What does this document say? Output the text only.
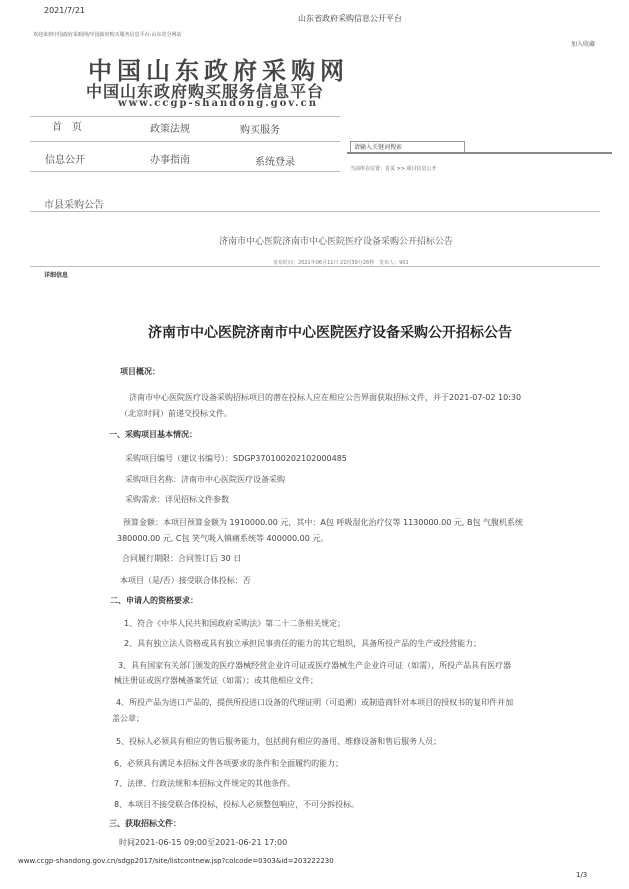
2021/7/21
山东省政府采购信息公开平台
欢迎来到中国政府采购网/中国政府购买服务信息平台-山东省分网站
加入收藏
中国山东政府采购网
中国山东政府购买服务信息平台
www.ccgp-shandong.gov.cn
首　页	政策法规	购买服务
信息公开	办事指南	系统登录
请输入关键词搜索
当前所在位置：首页 >> 项目信息公开
市县采购公告
济南市中心医院济南市中心医院医疗设备采购公开招标公告
发布时间：2021年06月11日 21时39分26秒　发布人：901
详细信息
济南市中心医院济南市中心医院医疗设备采购公开招标公告
项目概况：
济南市中心医院医疗设备采购招标项目的潜在投标人应在相应公告界面获取招标文件，并于2021-07-02 10:30
（北京时间）前递交投标文件。
一、采购项目基本情况：
采购项目编号（建议书编号）：SDGP370100202102000485
采购项目名称：济南市中心医院医疗设备采购
采购需求：详见招标文件参数
预算金额：本项目预算金额为 1910000.00 元，其中：A包 呼吸湿化治疗仪等 1130000.00 元, B包 气腹机系统
380000.00 元, C包 笑气吸入镇痛系统等 400000.00 元。
合同履行期限：合同签订后 30 日
本项目（是/否）接受联合体投标：否
二、申请人的资格要求：
1、符合《中华人民共和国政府采购法》第二十二条相关规定；
2、具有独立法人资格或具有独立承担民事责任的能力的其它组织，具备所投产品的生产或经营能力；
3、具有国家有关部门颁发的医疗器械经营企业许可证或医疗器械生产企业许可证（如需），所投产品具有医疗器
械注册证或医疗器械备案凭证（如需）；或其他相应文件；
4、所投产品为进口产品的，提供所投进口设备的代理证明（可追溯）或制造商针对本项目的授权书的复印件并加
盖公章；
5、投标人必须具有相应的售后服务能力，包括拥有相应的备用、维修设备和售后服务人员；
6、必须具有满足本招标文件各项要求的条件和全面履约的能力；
7、法律、行政法规和本招标文件规定的其他条件。
8、本项目不接受联合体投标，投标人必须整包响应，不可分拆投标。
三、获取招标文件：
时间2021-06-15 09:00至2021-06-21 17:00
www.ccgp-shandong.gov.cn/sdgp2017/site/listcontnew.jsp?colcode=0303&id=203222230
1/3
